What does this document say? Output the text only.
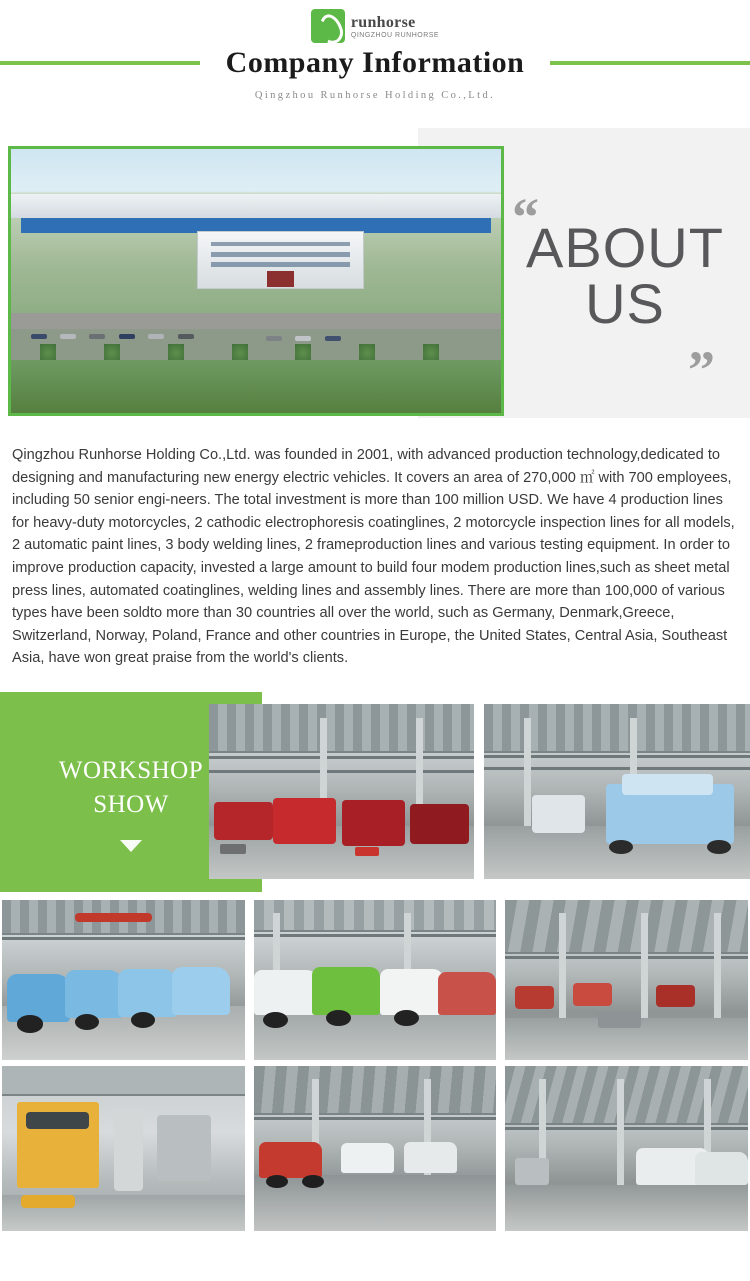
runhorse
QINGZHOU RUNHORSE
Company Information
Qingzhou Runhorse Holding Co.,Ltd.
“
ABOUT US
”
Qingzhou Runhorse Holding Co.,Ltd. was founded in 2001, with advanced production technology,dedicated to designing and manufacturing new energy electric vehicles. It covers an area of 270,000 ㎡ with 700 employees, including 50 senior engi-neers. The total investment is more than 100 million USD. We have 4 production lines for heavy-duty motorcycles, 2 cathodic electrophoresis coatinglines, 2 motorcycle inspection lines for all models, 2 automatic paint lines, 3 body welding lines, 2 frameproduction lines and various testing equipment. In order to improve production capacity, invested a large amount to build four modem production lines,such as sheet metal press lines, automated coatinglines, welding lines and assembly lines. There are more than 100,000 of various types have been soldto more than 30 countries all over the world, such as Germany, Denmark,Greece, Switzerland, Norway, Poland, France and other countries in Europe, the United States, Central Asia, Southeast Asia, have won great praise from the world's clients.
WORKSHOP
SHOW
